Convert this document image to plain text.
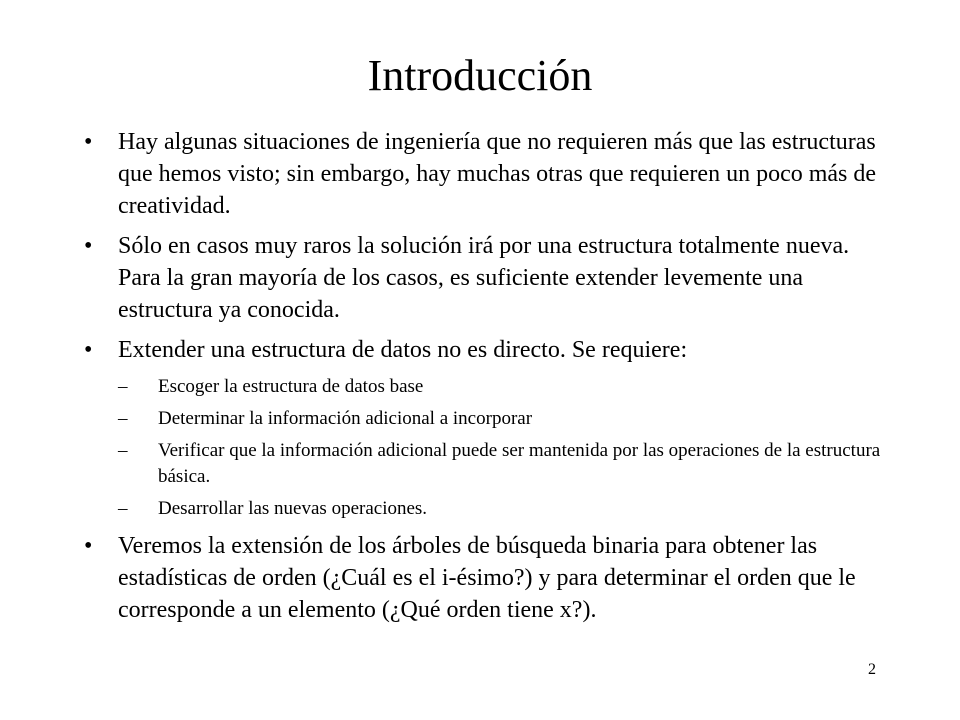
Introducción
•	Hay algunas situaciones de ingeniería que no requieren más que las estructuras que hemos visto; sin embargo, hay muchas otras que requieren un poco más de creatividad.
•	Sólo en casos muy raros la solución irá por una estructura totalmente nueva. Para la gran mayoría de los casos, es suficiente extender levemente una estructura ya conocida.
•	Extender una estructura de datos no es directo. Se requiere:
–	Escoger la estructura de datos base
–	Determinar la información adicional a incorporar
–	Verificar que la información adicional puede ser mantenida por las operaciones de la estructura básica.
–	Desarrollar las nuevas operaciones.
•	Veremos la extensión de los árboles de búsqueda binaria para obtener las estadísticas de orden (¿Cuál es el i-ésimo?) y para determinar el orden que le corresponde a un elemento (¿Qué orden tiene x?).
2
